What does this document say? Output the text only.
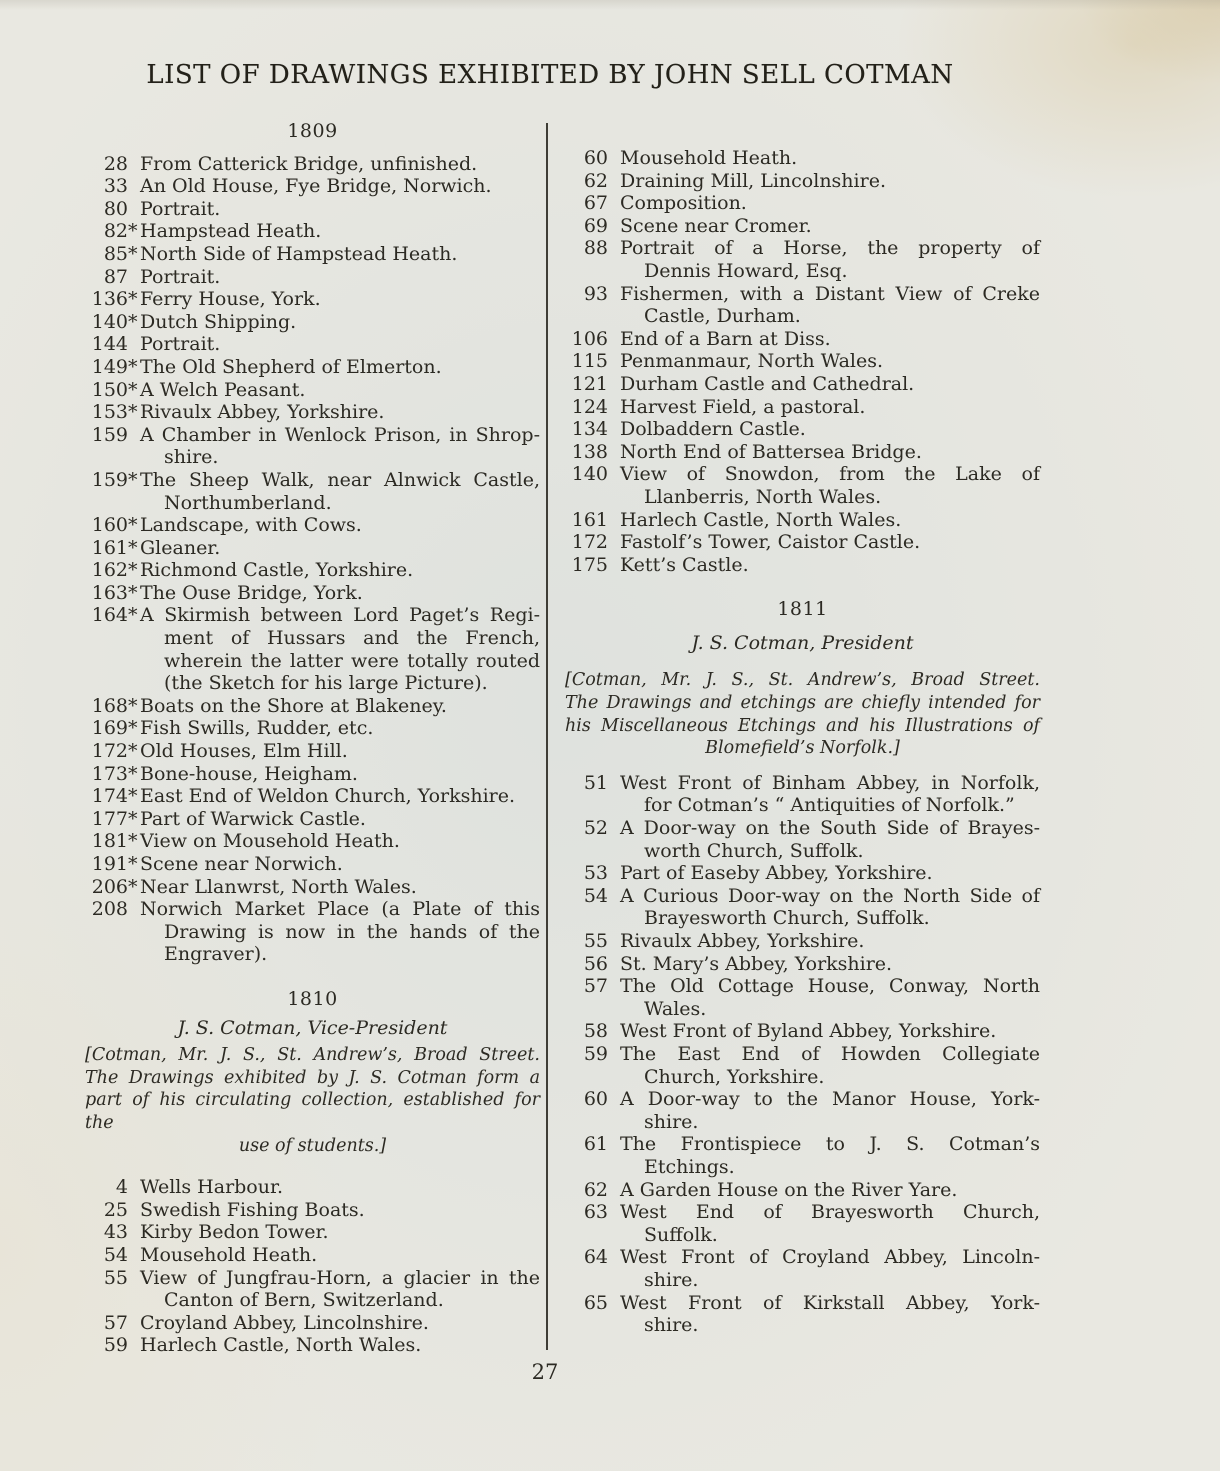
LIST OF DRAWINGS EXHIBITED BY JOHN SELL COTMAN
1809
28 From Catterick Bridge, unfinished.
33 An Old House, Fye Bridge, Norwich.
80 Portrait.
82 * Hampstead Heath.
85 * North Side of Hampstead Heath.
87 Portrait.
136 * Ferry House, York.
140 * Dutch Shipping.
144 Portrait.
149 * The Old Shepherd of Elmerton.
150 * A Welch Peasant.
153 * Rivaulx Abbey, Yorkshire.
159 A Chamber in Wenlock Prison, in Shrop-
shire.
159 * The Sheep Walk, near Alnwick Castle,
Northumberland.
160 * Landscape, with Cows.
161 * Gleaner.
162 * Richmond Castle, Yorkshire.
163 * The Ouse Bridge, York.
164 * A Skirmish between Lord Paget’s Regi-
ment of Hussars and the French,
wherein the latter were totally routed
(the Sketch for his large Picture).
168 * Boats on the Shore at Blakeney.
169 * Fish Swills, Rudder, etc.
172 * Old Houses, Elm Hill.
173 * Bone-house, Heigham.
174 * East End of Weldon Church, Yorkshire.
177 * Part of Warwick Castle.
181 * View on Mousehold Heath.
191 * Scene near Norwich.
206 * Near Llanwrst, North Wales.
208 Norwich Market Place (a Plate of this
Drawing is now in the hands of the
Engraver).
1810
J. S. Cotman, Vice-President
[Cotman, Mr. J. S., St. Andrew’s, Broad Street.
The Drawings exhibited by J. S. Cotman form a
part of his circulating collection, established for the
use of students.]
4 Wells Harbour.
25 Swedish Fishing Boats.
43 Kirby Bedon Tower.
54 Mousehold Heath.
55 View of Jungfrau-Horn, a glacier in the
Canton of Bern, Switzerland.
57 Croyland Abbey, Lincolnshire.
59 Harlech Castle, North Wales.
60 Mousehold Heath.
62 Draining Mill, Lincolnshire.
67 Composition.
69 Scene near Cromer.
88 Portrait of a Horse, the property of
Dennis Howard, Esq.
93 Fishermen, with a Distant View of Creke
Castle, Durham.
106 End of a Barn at Diss.
115 Penmanmaur, North Wales.
121 Durham Castle and Cathedral.
124 Harvest Field, a pastoral.
134 Dolbaddern Castle.
138 North End of Battersea Bridge.
140 View of Snowdon, from the Lake of
Llanberris, North Wales.
161 Harlech Castle, North Wales.
172 Fastolf’s Tower, Caistor Castle.
175 Kett’s Castle.
1811
J. S. Cotman, President
[Cotman, Mr. J. S., St. Andrew’s, Broad Street.
The Drawings and etchings are chiefly intended for
his Miscellaneous Etchings and his Illustrations of
Blomefield’s Norfolk.]
51 West Front of Binham Abbey, in Norfolk,
for Cotman’s “ Antiquities of Norfolk.”
52 A Door-way on the South Side of Brayes-
worth Church, Suffolk.
53 Part of Easeby Abbey, Yorkshire.
54 A Curious Door-way on the North Side of
Brayesworth Church, Suffolk.
55 Rivaulx Abbey, Yorkshire.
56 St. Mary’s Abbey, Yorkshire.
57 The Old Cottage House, Conway, North
Wales.
58 West Front of Byland Abbey, Yorkshire.
59 The East End of Howden Collegiate
Church, Yorkshire.
60 A Door-way to the Manor House, York-
shire.
61 The Frontispiece to J. S. Cotman’s
Etchings.
62 A Garden House on the River Yare.
63 West End of Brayesworth Church,
Suffolk.
64 West Front of Croyland Abbey, Lincoln-
shire.
65 West Front of Kirkstall Abbey, York-
shire.
27
